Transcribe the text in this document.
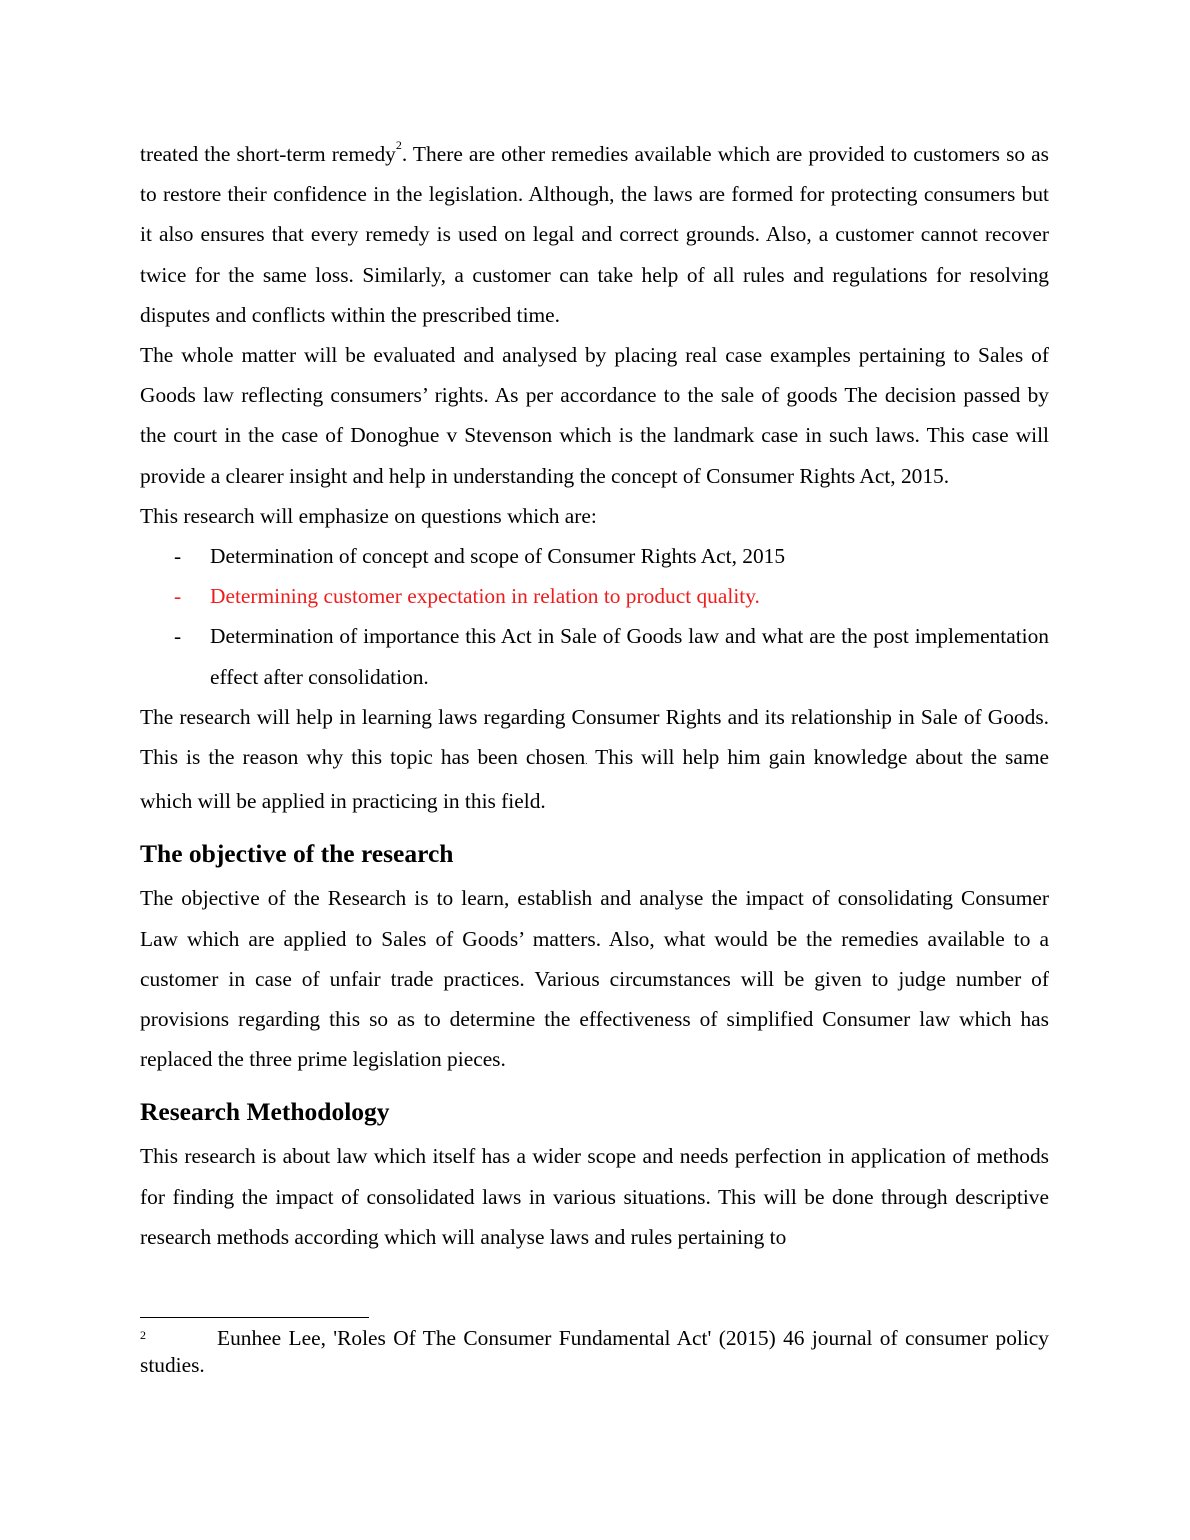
treated the short-term remedy$^2$. There are other remedies available which are provided to customers so as to restore their confidence in the legislation. Although, the laws are formed for protecting consumers but it also ensures that every remedy is used on legal and correct grounds. Also, a customer cannot recover twice for the same loss. Similarly, a customer can take help of all rules and regulations for resolving disputes and conflicts within the prescribed time.

The whole matter will be evaluated and analysed by placing real case examples pertaining to Sales of Goods law reflecting consumers’ rights. As per accordance to the sale of goods The decision passed by the court in the case of Donoghue v Stevenson which is the landmark case in such laws. This case will provide a clearer insight and help in understanding the concept of Consumer Rights Act, 2015.

This research will emphasize on questions which are:

- Determination of concept and scope of Consumer Rights Act, 2015
- Determining customer expectation in relation to product quality.
- Determination of importance this Act in Sale of Goods law and what are the post implementation effect after consolidation.

The research will help in learning laws regarding Consumer Rights and its relationship in Sale of Goods. This is the reason why this topic has been chosen. This will help him gain knowledge about the same which will be applied in practicing in this field.

The objective of the research

The objective of the Research is to learn, establish and analyse the impact of consolidating Consumer Law which are applied to Sales of Goods’ matters. Also, what would be the remedies available to a customer in case of unfair trade practices. Various circumstances will be given to judge number of provisions regarding this so as to determine the effectiveness of simplified Consumer law which has replaced the three prime legislation pieces.

Research Methodology

This research is about law which itself has a wider scope and needs perfection in application of methods for finding the impact of consolidated laws in various situations. This will be done through descriptive research methods according which will analyse laws and rules pertaining to

2	Eunhee Lee, 'Roles Of The Consumer Fundamental Act' (2015) 46 journal of consumer policy studies.
